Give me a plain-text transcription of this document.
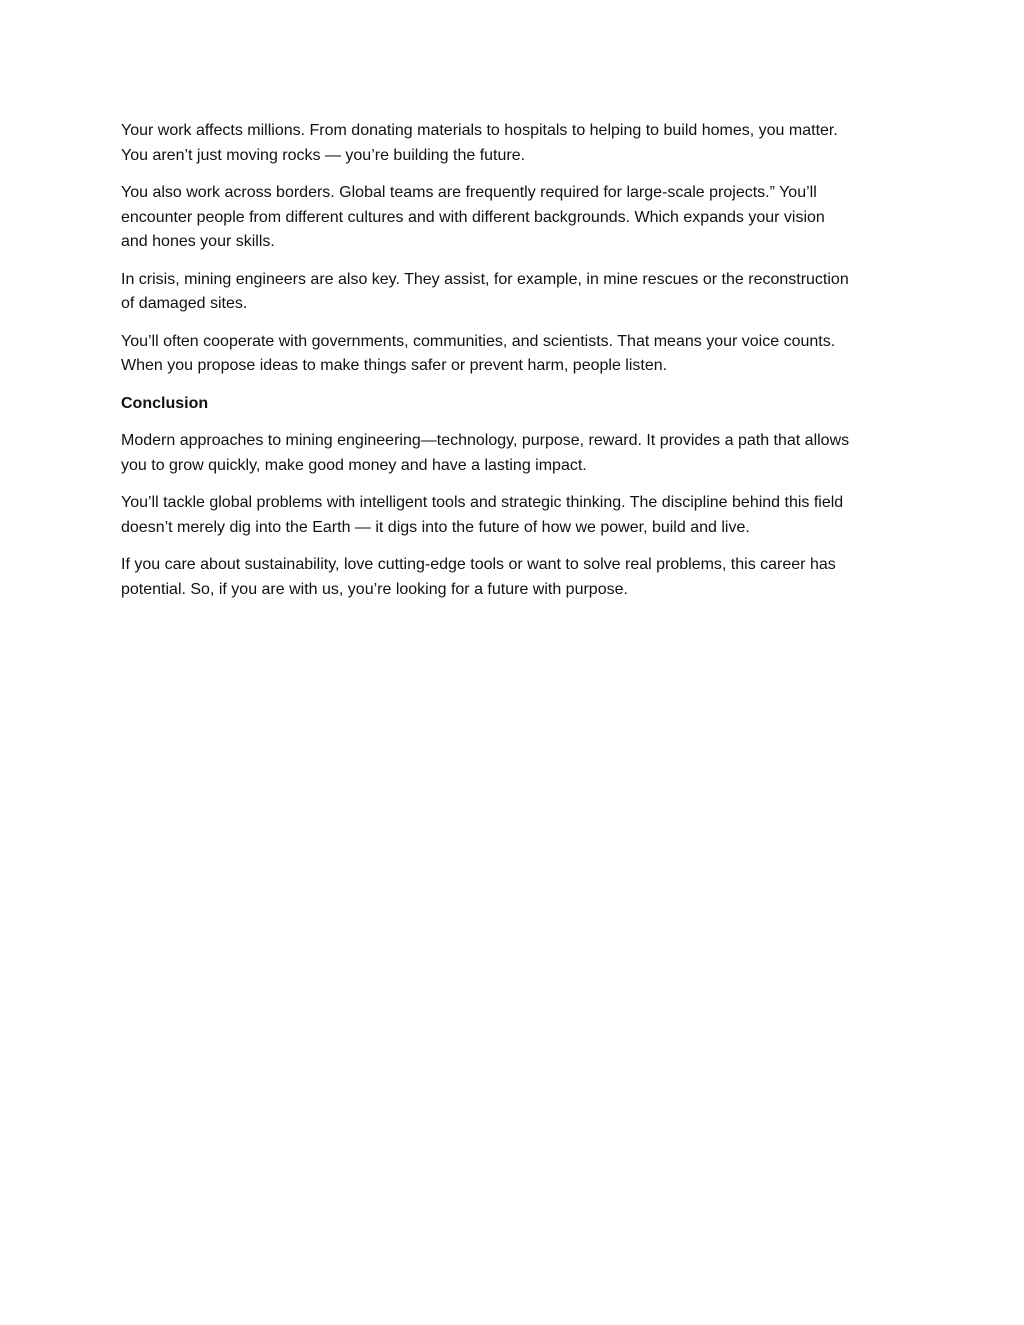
Your work affects millions. From donating materials to hospitals to helping to build homes, you matter.
You aren’t just moving rocks — you’re building the future.

You also work across borders. Global teams are frequently required for large-scale projects.” You’ll
encounter people from different cultures and with different backgrounds. Which expands your vision
and hones your skills.

In crisis, mining engineers are also key. They assist, for example, in mine rescues or the reconstruction
of damaged sites.

You’ll often cooperate with governments, communities, and scientists. That means your voice counts.
When you propose ideas to make things safer or prevent harm, people listen.

Conclusion

Modern approaches to mining engineering—technology, purpose, reward. It provides a path that allows
you to grow quickly, make good money and have a lasting impact.

You’ll tackle global problems with intelligent tools and strategic thinking. The discipline behind this field
doesn’t merely dig into the Earth — it digs into the future of how we power, build and live.

If you care about sustainability, love cutting-edge tools or want to solve real problems, this career has
potential. So, if you are with us, you’re looking for a future with purpose.
